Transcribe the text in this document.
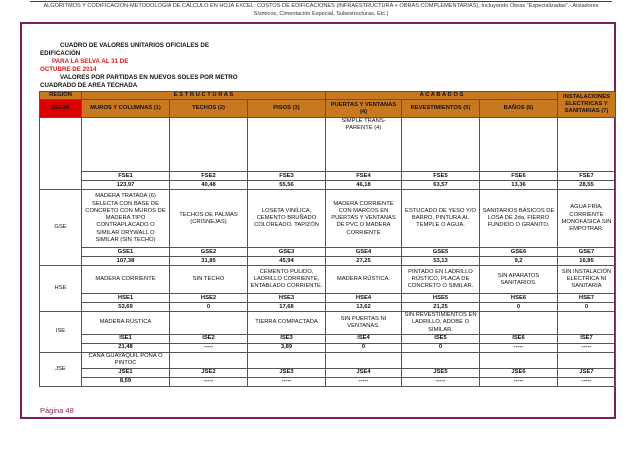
ALGORITMOS Y CODIFICACION-METODOLOGIA DE CÁLCULO EN HOJA EXCEL: COSTOS DE EDIFICACIONES (INFRAESTRUCTURA + OBRAS COMPLEMENTARIAS), Incluyendo Obras “Especializadas”.- Aisladores
Sísmicos, Cimentación Especial, Subestructuras, Etc.)
CUADRO DE VALORES UNITARIOS OFICIALES DE
EDIFICACIÓN
PARA LA SELVA AL 31 DE
OCTUBRE DE 2014
VALORES POR PARTIDAS EN NUEVOS SOLES POR METRO
CUADRADO DE AREA TECHADA
REGION	E S T R U C T U R A S			A C A B A D O S			INSTALACIONES ELECTRICAS Y SANITARIAS (7)
SELVA	MUROS Y COLUMNAS (1)	TECHOS (2)	PISOS (3)	PUERTAS Y VENTANAS (4)	REVESTIMIENTOS (5)	BAÑOS (6)	
				SIMPLE TRANS-PARENTE (4)			
	FSE1	FSE2	FSE3	FSE4	FSE5	FSE6	FSE7
	123,97	40,48	55,56	46,18	63,57	13,36	28,55
GSE	MADERA TRATADA (6) SELECTA CON BASE DE CONCRETO CON MUROS DE MADERA TIPO CONTRAPLACADO O SIMILAR DRYWALL O SIMILAR (SIN TECHO)	TECHOS DE PALMAS (CRISNEJAS)	LOSETA VINÍLICA, CEMENTO BRUÑADO COLOREADO. TAPIZÓN	MADERA CORRIENTE CON MARCOS EN PUERTAS Y VENTANAS DE PVC O MADERA CORRIENTE	ESTUCADO DE YESO Y/O BARRO, PINTURA AL TEMPLE O AGUA.	SANITARIOS BÁSICOS DE LOSA DE 2da, FIERRO FUNDIDO O GRANITO.	AGUA FRÍA, CORRIENTE MONOFÁSICA SIN EMPOTRAR.
	GSE1	GSE2	GSE3	GSE4	GSE5	GSE6	GSE7
	107,38	31,85	45,94	27,25	53,13	9,2	16,85
HSE	MADERA CORRIENTE	SIN TECHO	CEMENTO PULIDO, LADRILLO CORRIENTE, ENTABLADO CORRIENTE.	MADERA RÚSTICA.	PINTADO EN LADRILLO RÚSTICO, PLACA DE CONCRETO O SIMILAR.	SIN APARATOS SANITARIOS.	SIN INSTALACIÓN ELÉCTRICA NI SANITARIA
	HSE1	HSE2	HSE3	HSE4	HSE5	HSE6	HSE7
	53,69	0	17,68	13,62	21,25	0	0
ISE	MADERA RÚSTICA		TIERRA COMPACTADA	SIN PUERTAS NI VENTANAS.	SIN REVESTIMIENTOS EN LADRILLO, ADOBE O SIMILAR.		
	ISE1	ISE2	ISE3	ISE4	ISE5	ISE6	ISE7
	21,48	-----	3,89	0	0	-----	-----
JSE	CAÑA GUAYAQUIL PONA O PINTOC						
	JSE1	JSE2	JSE3	JSE4	JSE5	JSE6	JSE7
	8,59	-----	-----	-----	-----	-----	-----
Página 48
